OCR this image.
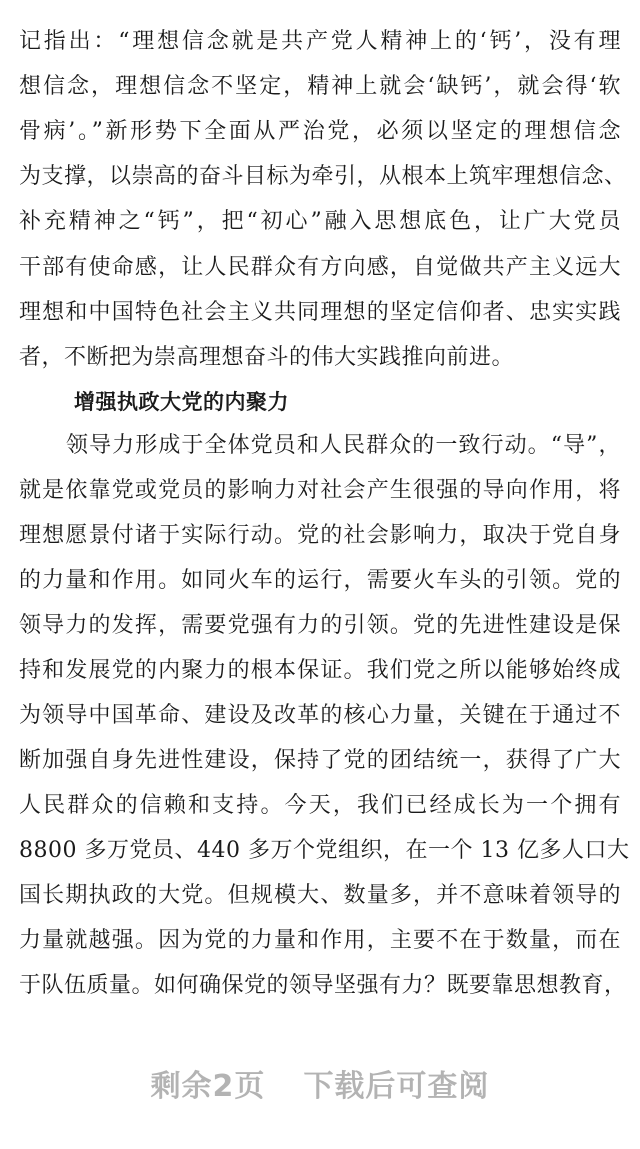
记指出：“理想信念就是共产党人精神上的‘钙’，没有理
想信念，理想信念不坚定，精神上就会‘缺钙’，就会得‘软
骨病’。”新形势下全面从严治党，必须以坚定的理想信念
为支撑，以崇高的奋斗目标为牵引，从根本上筑牢理想信念、
补充精神之“钙”，把“初心”融入思想底色，让广大党员
干部有使命感，让人民群众有方向感，自觉做共产主义远大
理想和中国特色社会主义共同理想的坚定信仰者、忠实实践
者，不断把为崇高理想奋斗的伟大实践推向前进。
增强执政大党的内聚力
领导力形成于全体党员和人民群众的一致行动。“导”，
就是依靠党或党员的影响力对社会产生很强的导向作用，将
理想愿景付诸于实际行动。党的社会影响力，取决于党自身
的力量和作用。如同火车的运行，需要火车头的引领。党的
领导力的发挥，需要党强有力的引领。党的先进性建设是保
持和发展党的内聚力的根本保证。我们党之所以能够始终成
为领导中国革命、建设及改革的核心力量，关键在于通过不
断加强自身先进性建设，保持了党的团结统一，获得了广大
人民群众的信赖和支持。今天，我们已经成长为一个拥有
8800 多万党员、440 多万个党组织，在一个 13 亿多人口大
国长期执政的大党。但规模大、数量多，并不意味着领导的
力量就越强。因为党的力量和作用，主要不在于数量，而在
于队伍质量。如何确保党的领导坚强有力？既要靠思想教育，
剩余2页 下载后可查阅
